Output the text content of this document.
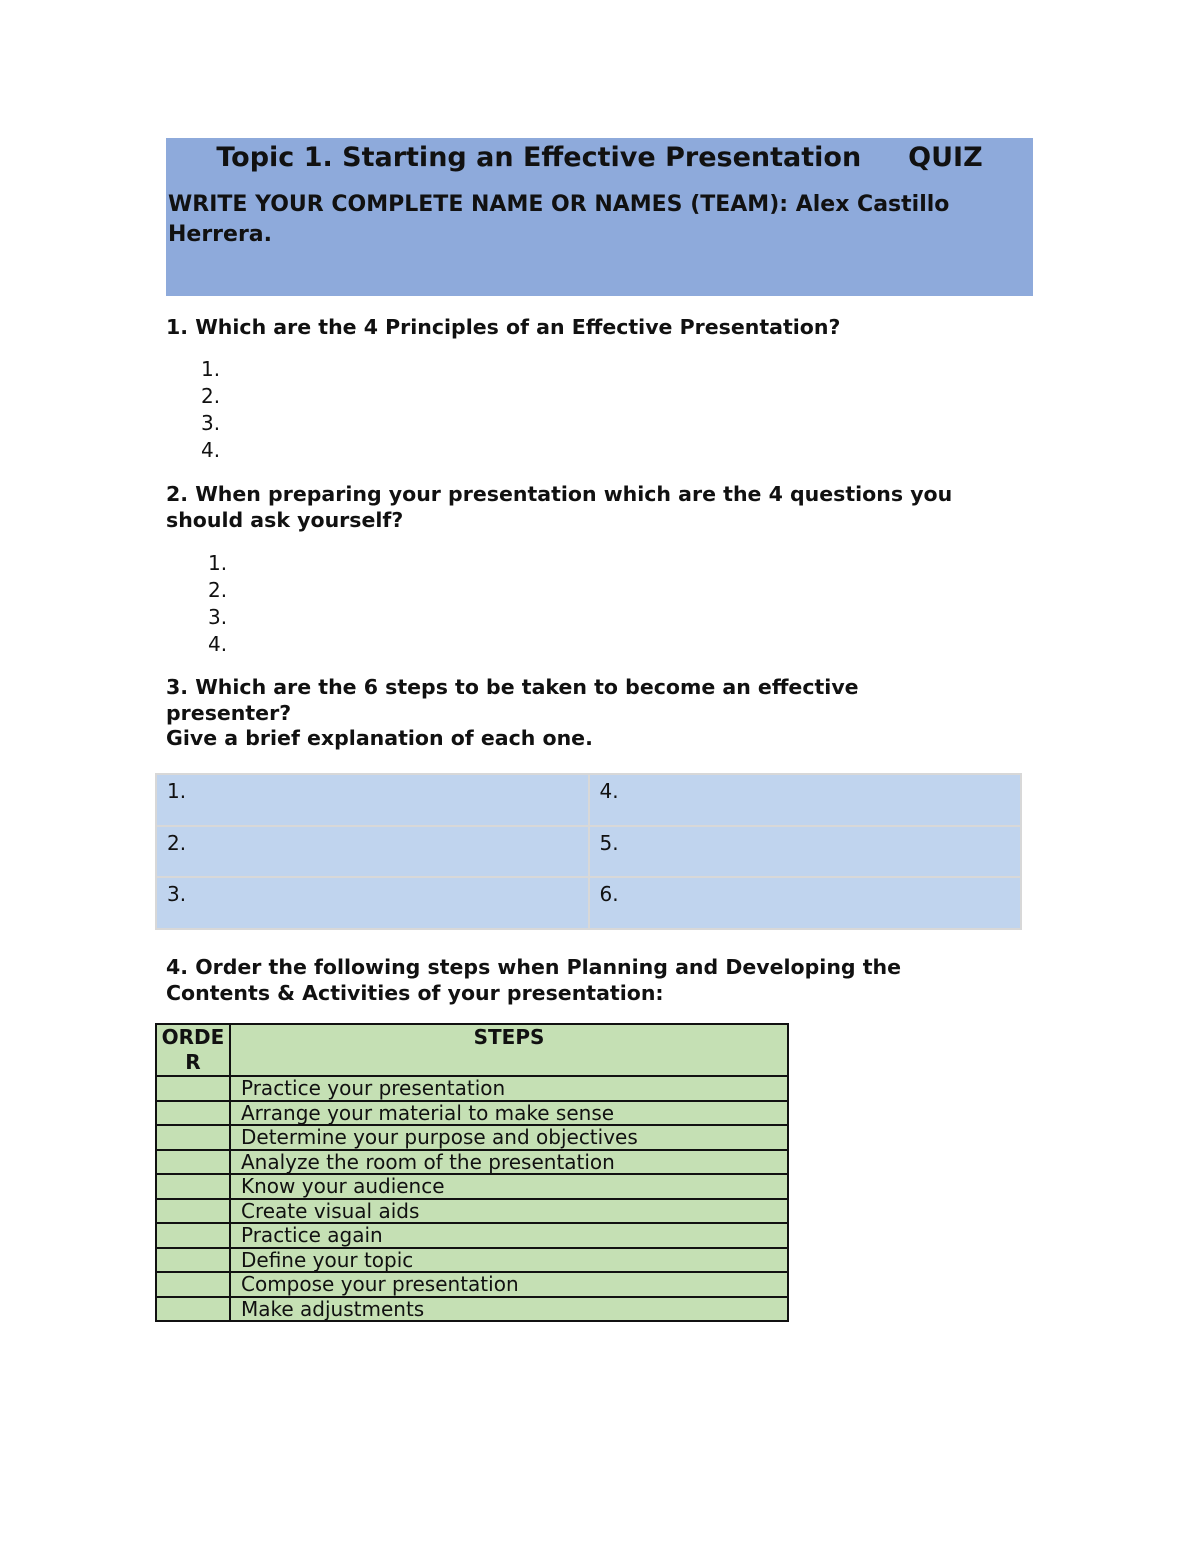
Topic 1. Starting an Effective Presentation     QUIZ
WRITE YOUR COMPLETE NAME OR NAMES (TEAM): Alex Castillo Herrera.
1. Which are the 4 Principles of an Effective Presentation?
1.
2.
3.
4.
2. When preparing your presentation which are the 4 questions you should ask yourself?
1.
2.
3.
4.
3. Which are the 6 steps to be taken to become an effective presenter?
Give a brief explanation of each one.
1.	4.
2.	5.
3.	6.
4. Order the following steps when Planning and Developing the Contents & Activities of your presentation:
ORDER	STEPS
	Practice your presentation
	Arrange your material to make sense
	Determine your purpose and objectives
	Analyze the room of the presentation
	Know your audience
	Create visual aids
	Practice again
	Define your topic
	Compose your presentation
	Make adjustments
